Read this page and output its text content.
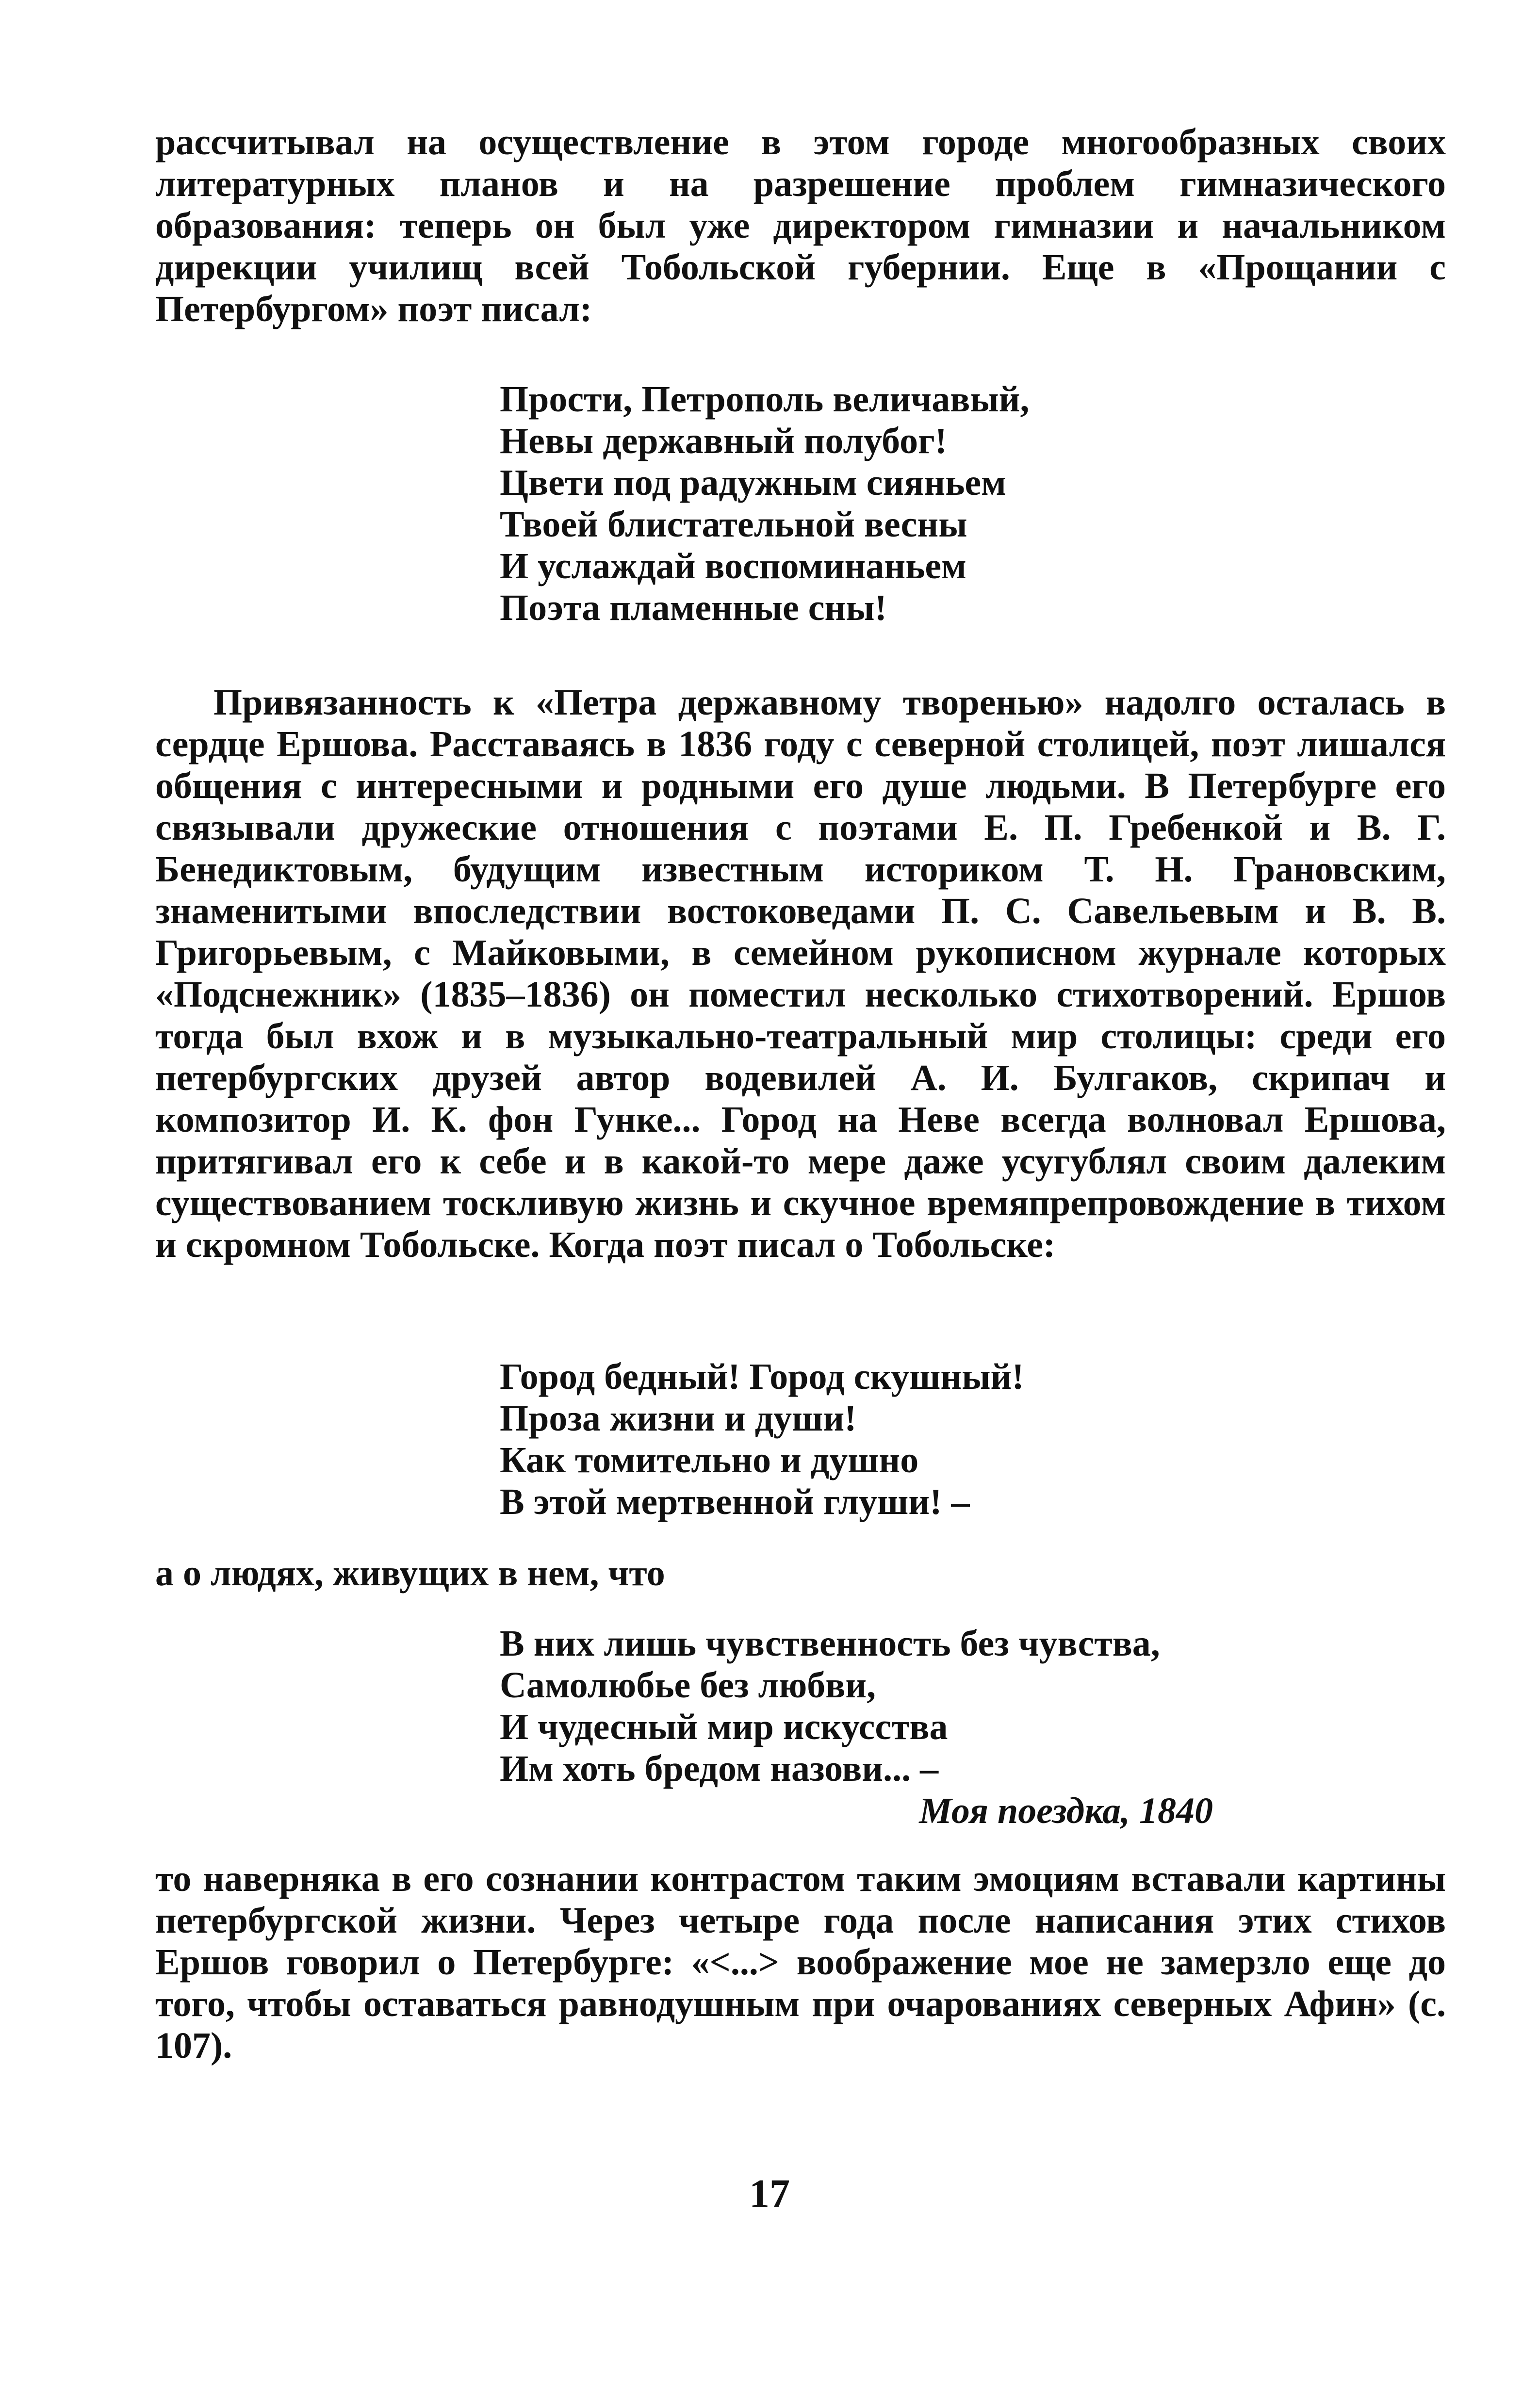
рассчитывал на осуществление в этом городе многообразных своих литературных планов и на разрешение проблем гимназического образования: теперь он был уже директором гимназии и начальником дирекции училищ всей Тобольской губернии. Еще в «Прощании с Петербургом» поэт писал:

Прости, Петрополь величавый,
Невы державный полубог!
Цвети под радужным сияньем
Твоей блистательной весны
И услаждай воспоминаньем
Поэта пламенные сны!

Привязанность к «Петра державному творенью» надолго осталась в сердце Ершова. Расставаясь в 1836 году с северной столицей, поэт лишался общения с интересными и родными его душе людьми. В Петербурге его связывали дружеские отношения с поэтами Е. П. Гребенкой и В. Г. Бенедиктовым, будущим известным историком Т. Н. Грановским, знаменитыми впоследствии востоковедами П. С. Савельевым и В. В. Григорьевым, с Майковыми, в семейном рукописном журнале которых «Подснежник» (1835–1836) он поместил несколько стихотворений. Ершов тогда был вхож и в музыкально-театральный мир столицы: среди его петербургских друзей автор водевилей А. И. Булгаков, скрипач и композитор И. К. фон Гунке... Город на Неве всегда волновал Ершова, притягивал его к себе и в какой-то мере даже усугублял своим далеким существованием тоскливую жизнь и скучное времяпрепровождение в тихом и скромном Тобольске. Когда поэт писал о Тобольске:

Город бедный! Город скушный!
Проза жизни и души!
Как томительно и душно
В этой мертвенной глуши! –

а о людях, живущих в нем, что

В них лишь чувственность без чувства,
Самолюбье без любви,
И чудесный мир искусства
Им хоть бредом назови... –
Моя поездка, 1840

то наверняка в его сознании контрастом таким эмоциям вставали картины петербургской жизни. Через четыре года после написания этих стихов Ершов говорил о Петербурге: «<...> воображение мое не замерзло еще до того, чтобы оставаться равнодушным при очарованиях северных Афин» (с. 107).

17
